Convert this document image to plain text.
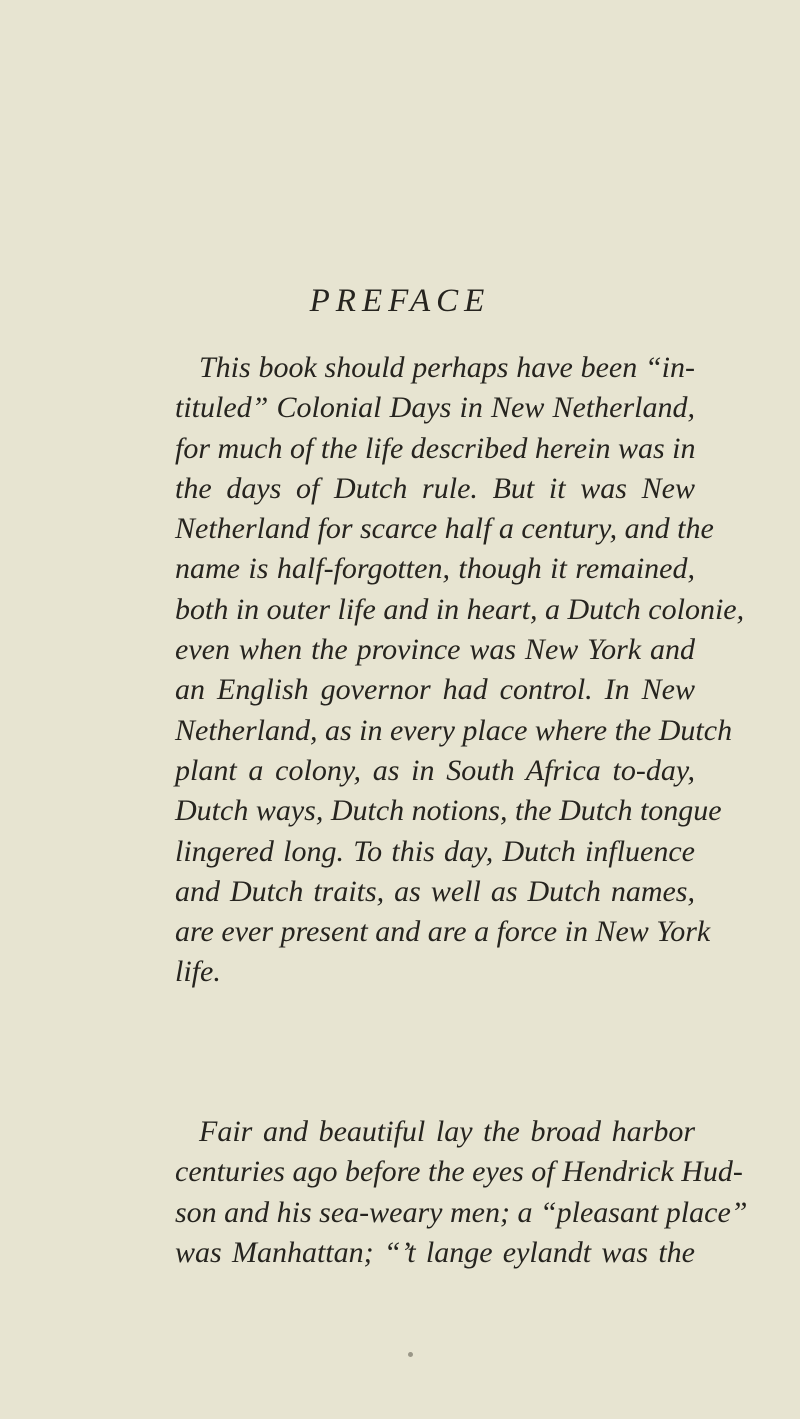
PREFACE
This book should perhaps have been “in-
tituled” Colonial Days in New Netherland,
for much of the life described herein was in
the days of Dutch rule. But it was New
Netherland for scarce half a century, and the
name is half-forgotten, though it remained,
both in outer life and in heart, a Dutch colonie,
even when the province was New York and
an English governor had control. In New
Netherland, as in every place where the Dutch
plant a colony, as in South Africa to-day,
Dutch ways, Dutch notions, the Dutch tongue
lingered long. To this day, Dutch influence
and Dutch traits, as well as Dutch names,
are ever present and are a force in New York
life.
Fair and beautiful lay the broad harbor
centuries ago before the eyes of Hendrick Hud-
son and his sea-weary men; a “pleasant place”
was Manhattan; “’t lange eylandt was the
